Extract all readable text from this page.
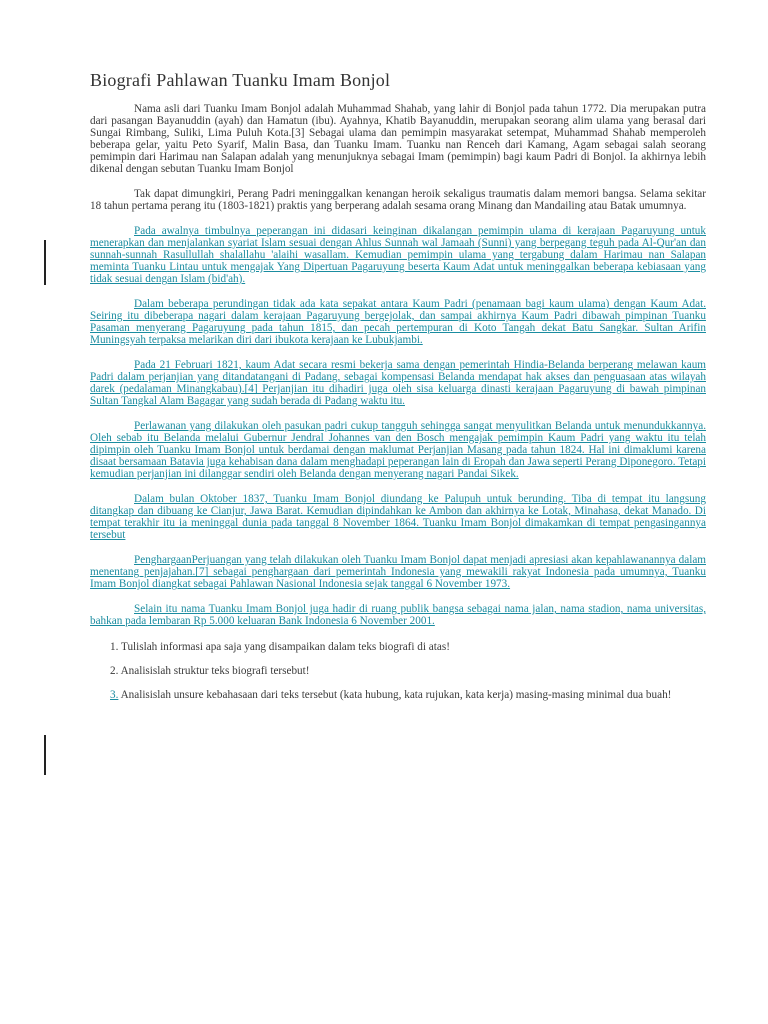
Biografi Pahlawan Tuanku Imam Bonjol

Nama asli dari Tuanku Imam Bonjol adalah Muhammad Shahab, yang lahir di Bonjol pada tahun 1772. Dia merupakan putra dari pasangan Bayanuddin (ayah) dan Hamatun (ibu). Ayahnya, Khatib Bayanuddin, merupakan seorang alim ulama yang berasal dari Sungai Rimbang, Suliki, Lima Puluh Kota.[3] Sebagai ulama dan pemimpin masyarakat setempat, Muhammad Shahab memperoleh beberapa gelar, yaitu Peto Syarif, Malin Basa, dan Tuanku Imam. Tuanku nan Renceh dari Kamang, Agam sebagai salah seorang pemimpin dari Harimau nan Salapan adalah yang menunjuknya sebagai Imam (pemimpin) bagi kaum Padri di Bonjol. Ia akhirnya lebih dikenal dengan sebutan Tuanku Imam Bonjol

Tak dapat dimungkiri, Perang Padri meninggalkan kenangan heroik sekaligus traumatis dalam memori bangsa. Selama sekitar 18 tahun pertama perang itu (1803-1821) praktis yang berperang adalah sesama orang Minang dan Mandailing atau Batak umumnya.

Pada awalnya timbulnya peperangan ini didasari keinginan dikalangan pemimpin ulama di kerajaan Pagaruyung untuk menerapkan dan menjalankan syariat Islam sesuai dengan Ahlus Sunnah wal Jamaah (Sunni) yang berpegang teguh pada Al-Qur'an dan sunnah-sunnah Rasullullah shalallahu 'alaihi wasallam. Kemudian pemimpin ulama yang tergabung dalam Harimau nan Salapan meminta Tuanku Lintau untuk mengajak Yang Dipertuan Pagaruyung beserta Kaum Adat untuk meninggalkan beberapa kebiasaan yang tidak sesuai dengan Islam (bid'ah).

Dalam beberapa perundingan tidak ada kata sepakat antara Kaum Padri (penamaan bagi kaum ulama) dengan Kaum Adat. Seiring itu dibeberapa nagari dalam kerajaan Pagaruyung bergejolak, dan sampai akhirnya Kaum Padri dibawah pimpinan Tuanku Pasaman menyerang Pagaruyung pada tahun 1815, dan pecah pertempuran di Koto Tangah dekat Batu Sangkar. Sultan Arifin Muningsyah terpaksa melarikan diri dari ibukota kerajaan ke Lubukjambi.

Pada 21 Februari 1821, kaum Adat secara resmi bekerja sama dengan pemerintah Hindia-Belanda berperang melawan kaum Padri dalam perjanjian yang ditandatangani di Padang, sebagai kompensasi Belanda mendapat hak akses dan penguasaan atas wilayah darek (pedalaman Minangkabau).[4] Perjanjian itu dihadiri juga oleh sisa keluarga dinasti kerajaan Pagaruyung di bawah pimpinan Sultan Tangkal Alam Bagagar yang sudah berada di Padang waktu itu.

Perlawanan yang dilakukan oleh pasukan padri cukup tangguh sehingga sangat menyulitkan Belanda untuk menundukkannya. Oleh sebab itu Belanda melalui Gubernur Jendral Johannes van den Bosch mengajak pemimpin Kaum Padri yang waktu itu telah dipimpin oleh Tuanku Imam Bonjol untuk berdamai dengan maklumat Perjanjian Masang pada tahun 1824. Hal ini dimaklumi karena disaat bersamaan Batavia juga kehabisan dana dalam menghadapi peperangan lain di Eropah dan Jawa seperti Perang Diponegoro. Tetapi kemudian perjanjian ini dilanggar sendiri oleh Belanda dengan menyerang nagari Pandai Sikek.

Dalam bulan Oktober 1837, Tuanku Imam Bonjol diundang ke Palupuh untuk berunding. Tiba di tempat itu langsung ditangkap dan dibuang ke Cianjur, Jawa Barat. Kemudian dipindahkan ke Ambon dan akhirnya ke Lotak, Minahasa, dekat Manado. Di tempat terakhir itu ia meninggal dunia pada tanggal 8 November 1864. Tuanku Imam Bonjol dimakamkan di tempat pengasingannya tersebut

PenghargaanPerjuangan yang telah dilakukan oleh Tuanku Imam Bonjol dapat menjadi apresiasi akan kepahlawanannya dalam menentang penjajahan.[7] sebagai penghargaan dari pemerintah Indonesia yang mewakili rakyat Indonesia pada umumnya, Tuanku Imam Bonjol diangkat sebagai Pahlawan Nasional Indonesia sejak tanggal 6 November 1973.

Selain itu nama Tuanku Imam Bonjol juga hadir di ruang publik bangsa sebagai nama jalan, nama stadion, nama universitas, bahkan pada lembaran Rp 5.000 keluaran Bank Indonesia 6 November 2001.

1. Tulislah informasi apa saja yang disampaikan dalam teks biografi di atas!
2. Analisislah struktur teks biografi tersebut!
3. Analisislah unsure kebahasaan dari teks tersebut (kata hubung, kata rujukan, kata kerja) masing-masing minimal dua buah!
